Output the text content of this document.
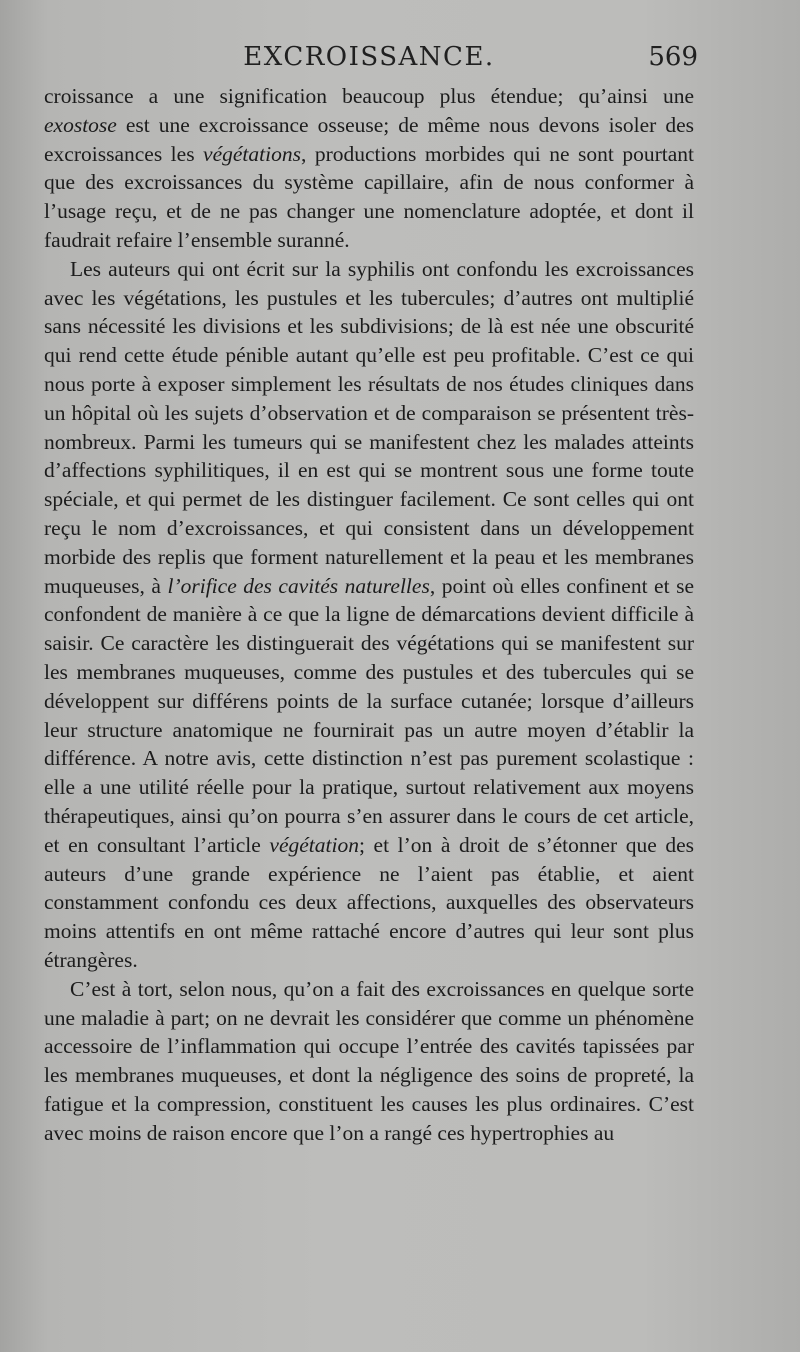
EXCROISSANCE.	569

croissance a une signification beaucoup plus étendue; qu’ainsi une exostose est une excroissance osseuse; de même nous devons isoler des excroissances les végétations, productions morbides qui ne sont pourtant que des excroissances du système capillaire, afin de nous conformer à l’usage reçu, et de ne pas changer une nomenclature adoptée, et dont il faudrait refaire l’ensemble suranné.

Les auteurs qui ont écrit sur la syphilis ont confondu les excroissances avec les végétations, les pustules et les tubercules; d’autres ont multiplié sans nécessité les divisions et les subdivisions; de là est née une obscurité qui rend cette étude pénible autant qu’elle est peu profitable. C’est ce qui nous porte à exposer simplement les résultats de nos études cliniques dans un hôpital où les sujets d’observation et de comparaison se présentent très-nombreux. Parmi les tumeurs qui se manifestent chez les malades atteints d’affections syphilitiques, il en est qui se montrent sous une forme toute spéciale, et qui permet de les distinguer facilement. Ce sont celles qui ont reçu le nom d’excroissances, et qui consistent dans un développement morbide des replis que forment naturellement et la peau et les membranes muqueuses, à l’orifice des cavités naturelles, point où elles confinent et se confondent de manière à ce que la ligne de démarcations devient difficile à saisir. Ce caractère les distinguerait des végétations qui se manifestent sur les membranes muqueuses, comme des pustules et des tubercules qui se développent sur différens points de la surface cutanée; lorsque d’ailleurs leur structure anatomique ne fournirait pas un autre moyen d’établir la différence. A notre avis, cette distinction n’est pas purement scolastique : elle a une utilité réelle pour la pratique, surtout relativement aux moyens thérapeutiques, ainsi qu’on pourra s’en assurer dans le cours de cet article, et en consultant l’article végétation; et l’on à droit de s’étonner que des auteurs d’une grande expérience ne l’aient pas établie, et aient constamment confondu ces deux affections, auxquelles des observateurs moins attentifs en ont même rattaché encore d’autres qui leur sont plus étrangères.

C’est à tort, selon nous, qu’on a fait des excroissances en quelque sorte une maladie à part; on ne devrait les considérer que comme un phénomène accessoire de l’inflammation qui occupe l’entrée des cavités tapissées par les membranes muqueuses, et dont la négligence des soins de propreté, la fatigue et la compression, constituent les causes les plus ordinaires. C’est avec moins de raison encore que l’on a rangé ces hypertrophies au
